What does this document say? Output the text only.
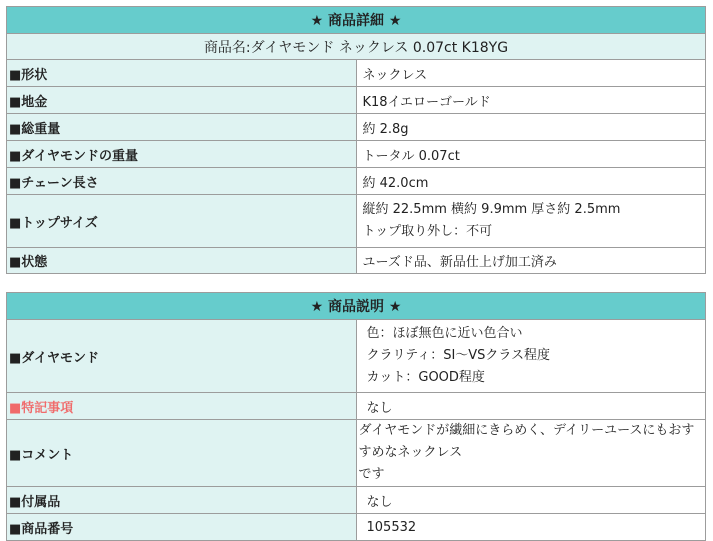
★ 商品詳細 ★	
商品名:ダイヤモンド ネックレス 0.07ct K18YG	
■形状	ネックレス
■地金	K18イエローゴールド
■総重量	約 2.8g
■ダイヤモンドの重量	トータル 0.07ct
■チェーン長さ	約 42.0cm
■トップサイズ	縦約 22.5mm 横約 9.9mm 厚さ約 2.5mm
トップ取り外し：不可

■状態	ユーズド品、新品仕上げ加工済み
★ 商品説明 ★	
■ダイヤモンド	色：ほぼ無色に近い色合い
クラリティ：SI～VSクラス程度
カット：GOOD程度

■特記事項	なし
■コメント	ダイヤモンドが繊細にきらめく、デイリーユースにもおすすめなネックレス
です

■付属品	なし
■商品番号	105532
